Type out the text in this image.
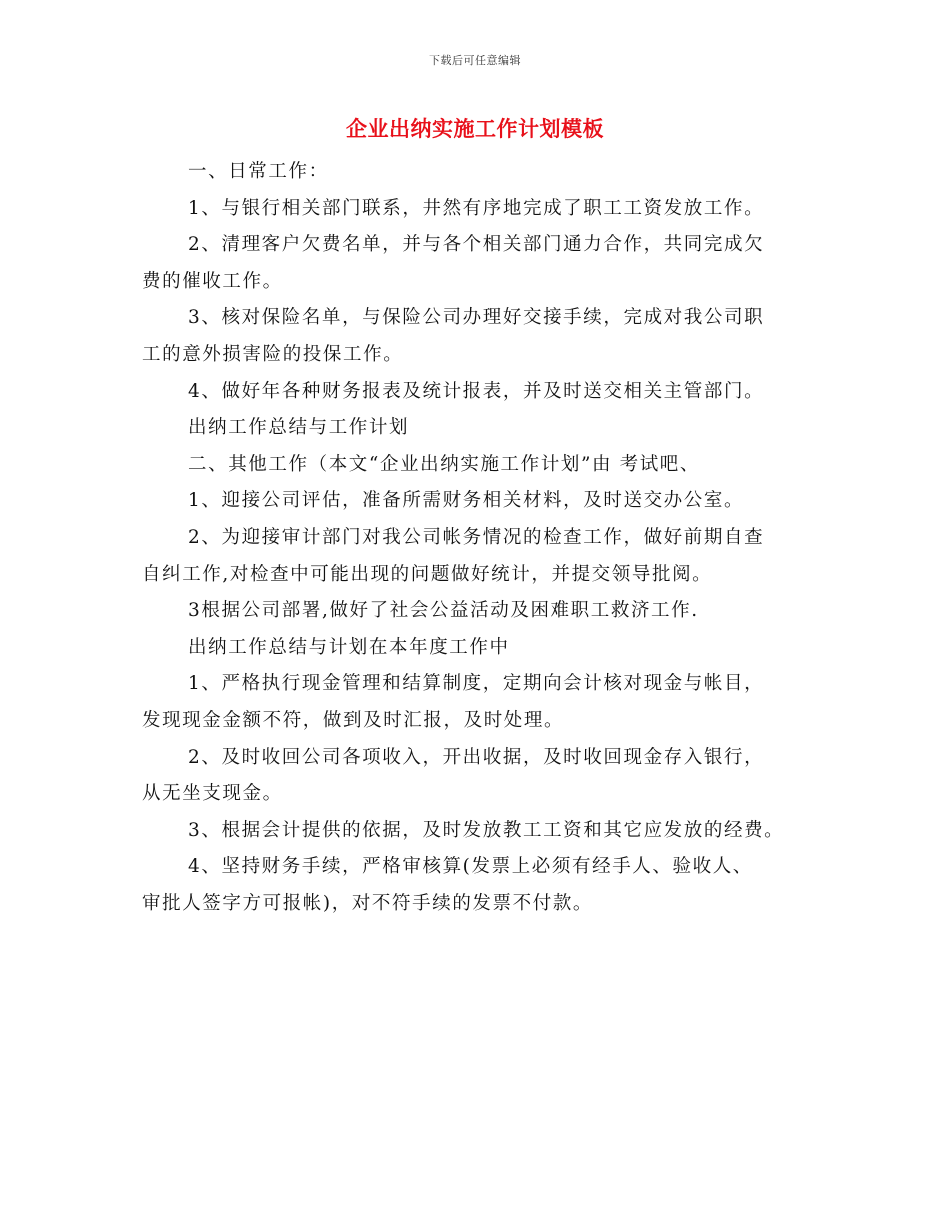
下载后可任意编辑
企业出纳实施工作计划模板

一、日常工作：

1、与银行相关部门联系，井然有序地完成了职工工资发放工作。

2、清理客户欠费名单，并与各个相关部门通力合作，共同完成欠
费的催收工作。

3、核对保险名单，与保险公司办理好交接手续，完成对我公司职
工的意外损害险的投保工作。

4、做好年各种财务报表及统计报表，并及时送交相关主管部门。

出纳工作总结与工作计划

二、其他工作（本文“企业出纳实施工作计划”由 考试吧、

1、迎接公司评估，准备所需财务相关材料，及时送交办公室。

2、为迎接审计部门对我公司帐务情况的检查工作，做好前期自查
自纠工作,对检查中可能出现的问题做好统计，并提交领导批阅。

3根据公司部署,做好了社会公益活动及困难职工救济工作.

出纳工作总结与计划在本年度工作中

1、严格执行现金管理和结算制度，定期向会计核对现金与帐目，
发现现金金额不符，做到及时汇报，及时处理。

2、及时收回公司各项收入，开出收据，及时收回现金存入银行，
从无坐支现金。

3、根据会计提供的依据，及时发放教工工资和其它应发放的经费。

4、坚持财务手续，严格审核算(发票上必须有经手人、验收人、
审批人签字方可报帐)，对不符手续的发票不付款。
